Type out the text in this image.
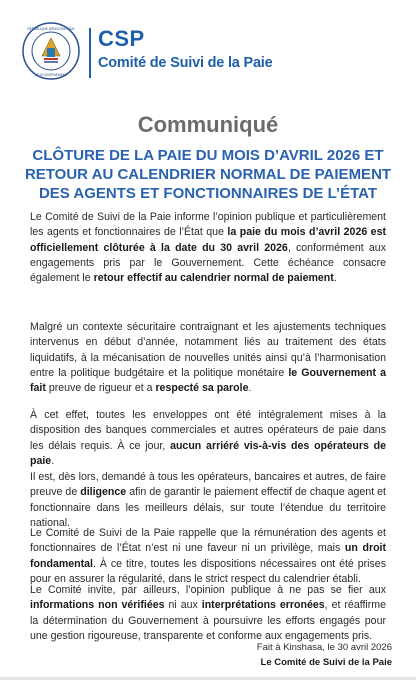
RÉPUBLIQUE DÉMOCRATIQUE
LE GOUVERNEMENT
CSP
Comité de Suivi de la Paie
Communiqué
CLÔTURE DE LA PAIE DU MOIS D’AVRIL 2026 ET
RETOUR AU CALENDRIER NORMAL DE PAIEMENT
DES AGENTS ET FONCTIONNAIRES DE L’ÉTAT
Le Comité de Suivi de la Paie informe l’opinion publique et particulièrement les agents et fonctionnaires de l’État que la paie du mois d’avril 2026 est officiellement clôturée à la date du 30 avril 2026, conformément aux engagements pris par le Gouvernement. Cette échéance consacre également le retour effectif au calendrier normal de paiement.
Malgré un contexte sécuritaire contraignant et les ajustements techniques intervenus en début d’année, notamment liés au traitement des états liquidatifs, à la mécanisation de nouvelles unités ainsi qu’à l’harmonisation entre la politique budgétaire et la politique monétaire le Gouvernement a fait preuve de rigueur et a respecté sa parole.
À cet effet, toutes les enveloppes ont été intégralement mises à la disposition des banques commerciales et autres opérateurs de paie dans les délais requis. À ce jour, aucun arriéré vis-à-vis des opérateurs de paie.
Il est, dès lors, demandé à tous les opérateurs, bancaires et autres, de faire preuve de diligence afin de garantir le paiement effectif de chaque agent et fonctionnaire dans les meilleurs délais, sur toute l’étendue du territoire national.
Le Comité de Suivi de la Paie rappelle que la rémunération des agents et fonctionnaires de l’État n’est ni une faveur ni un privilège, mais un droit fondamental. À ce titre, toutes les dispositions nécessaires ont été prises pour en assurer la régularité, dans le strict respect du calendrier établi.
Le Comité invite, par ailleurs, l’opinion publique à ne pas se fier aux informations non vérifiées ni aux interprétations erronées, et réaffirme la détermination du Gouvernement à poursuivre les efforts engagés pour une gestion rigoureuse, transparente et conforme aux engagements pris.
Fait à Kinshasa, le 30 avril 2026
Le Comité de Suivi de la Paie
